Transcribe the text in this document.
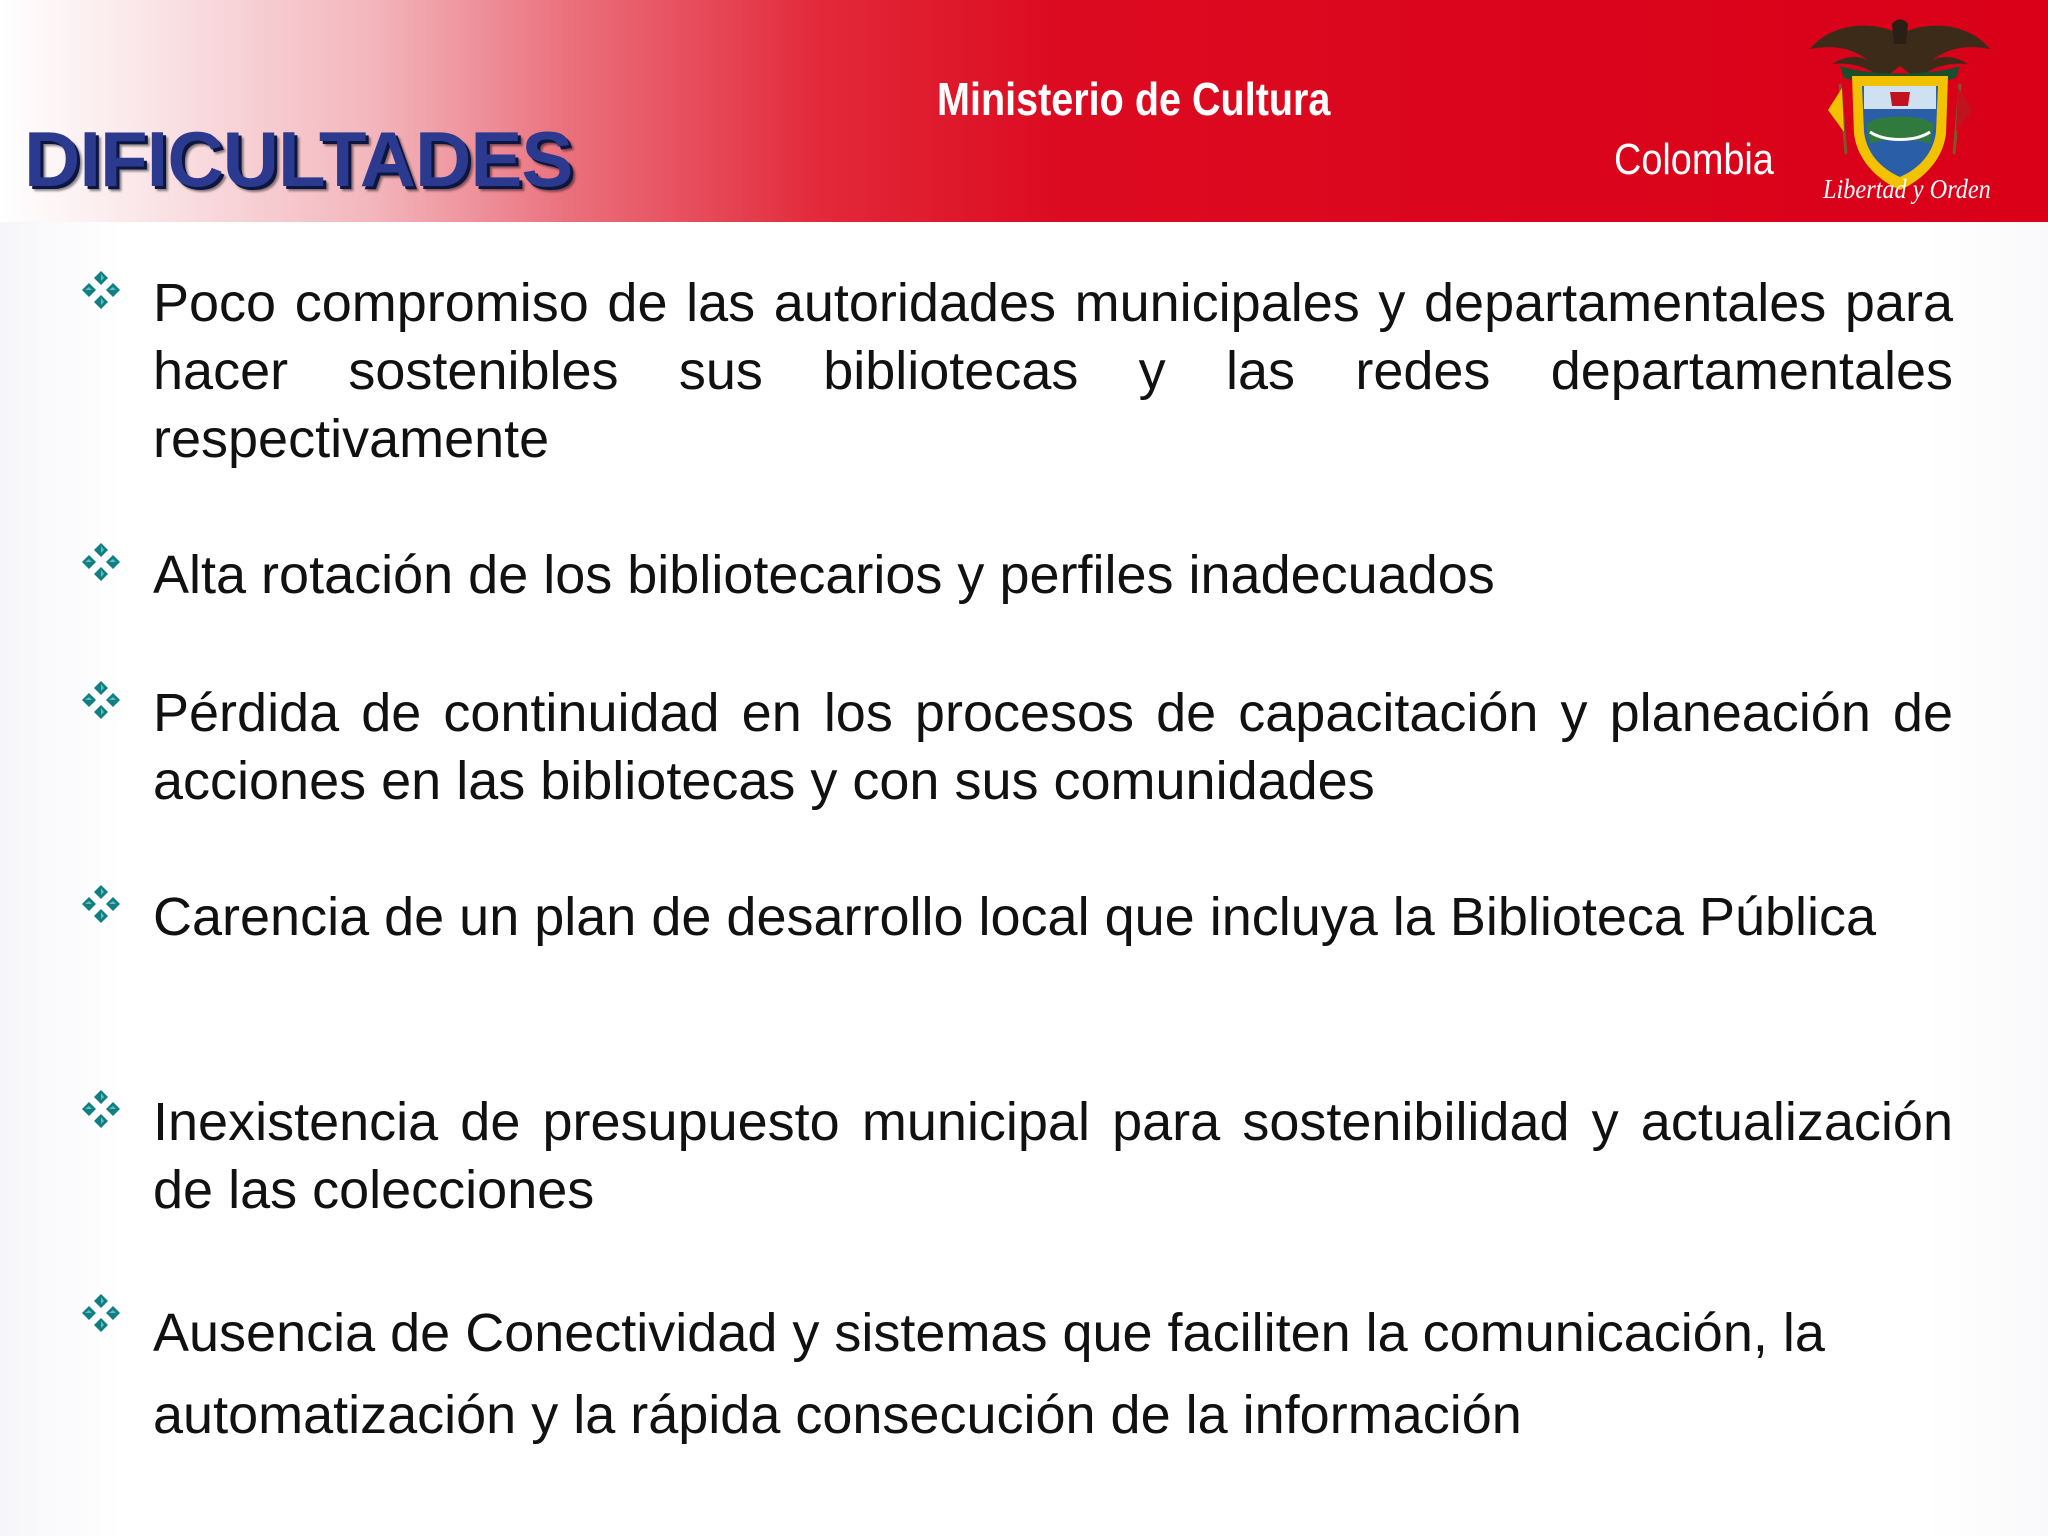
DIFICULTADES
Ministerio de Cultura
Colombia
Libertad y Orden
Poco compromiso de las autoridades municipales y departamentales para hacer sostenibles sus bibliotecas y las redes departamentales respectivamente
Alta rotación de los bibliotecarios y perfiles inadecuados
Pérdida de continuidad en los procesos de capacitación y planeación de acciones en las bibliotecas y con sus comunidades
Carencia de un plan de desarrollo local que incluya la Biblioteca Pública
Inexistencia de presupuesto municipal para sostenibilidad y actualización de las colecciones
Ausencia de Conectividad y sistemas que faciliten la comunicación, la automatización y la rápida consecución de la información
